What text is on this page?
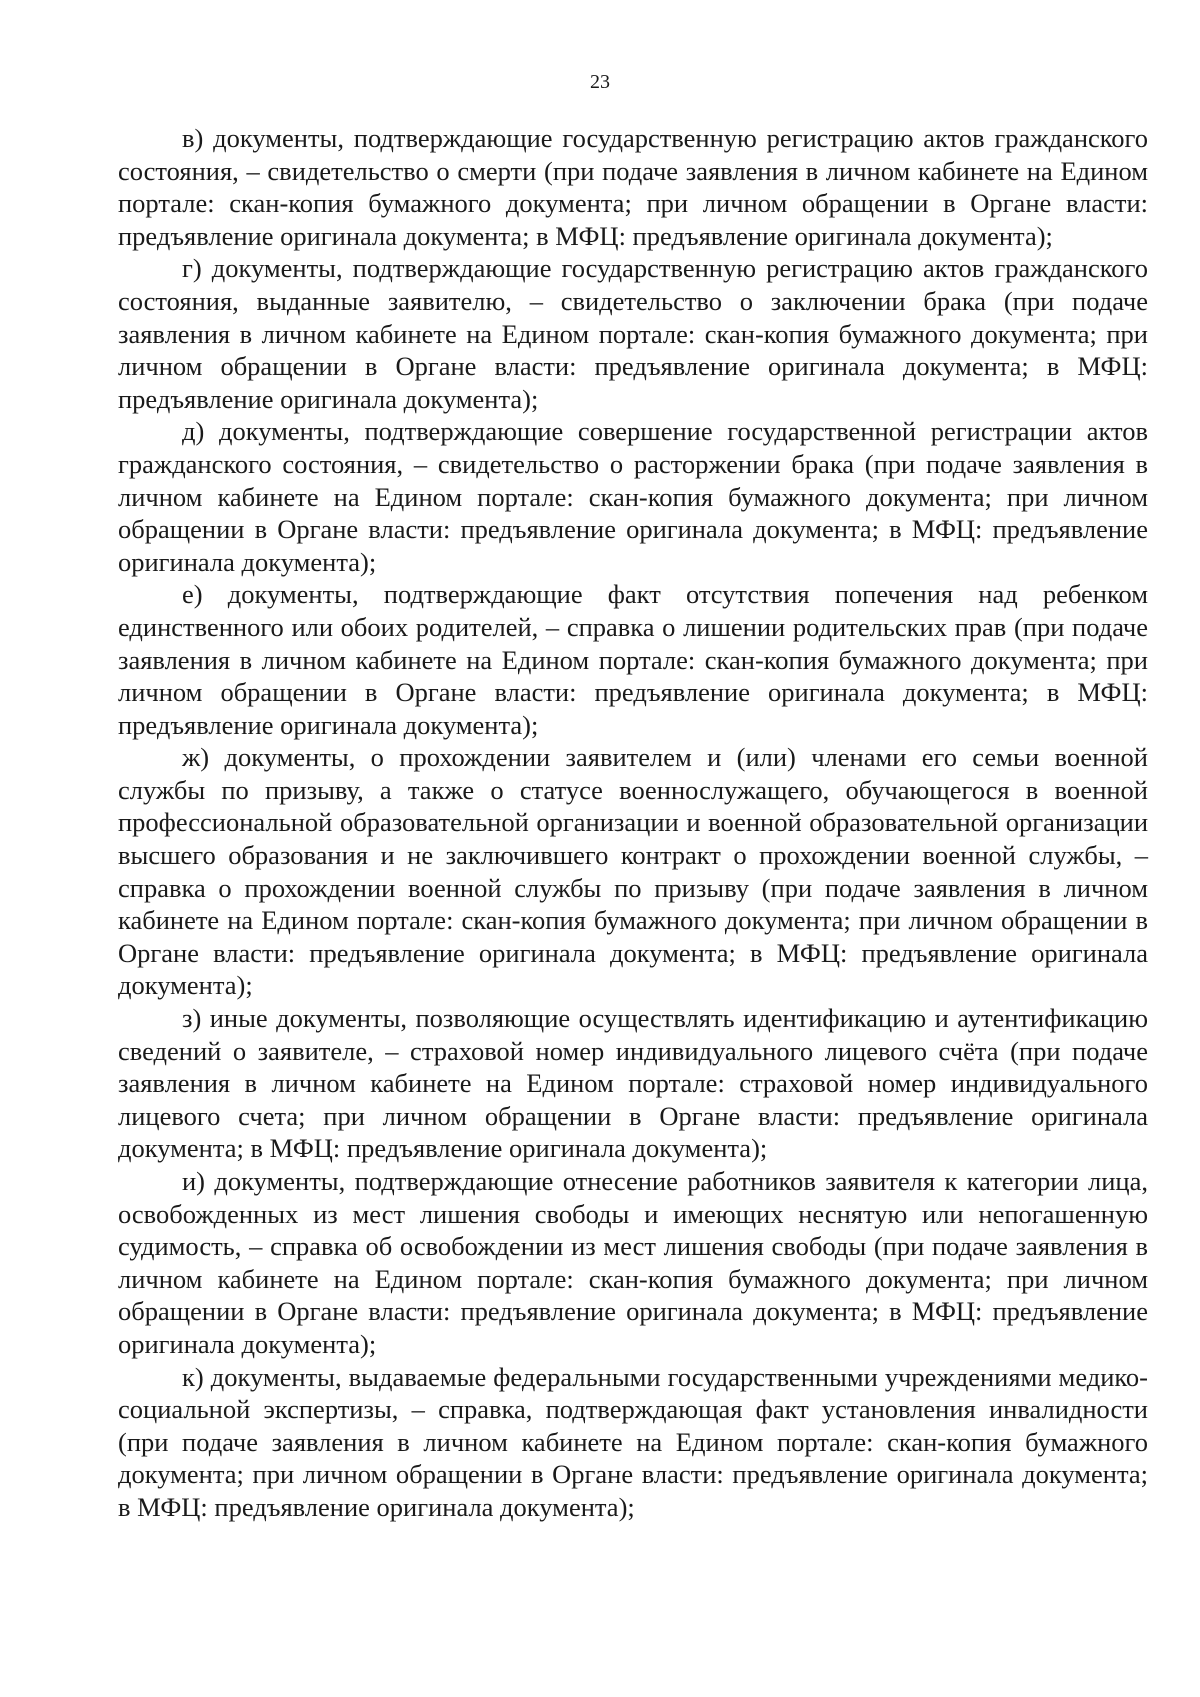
23

в) документы, подтверждающие государственную регистрацию актов гражданского состояния, – свидетельство о смерти (при подаче заявления в личном кабинете на Едином портале: скан-копия бумажного документа; при личном обращении в Органе власти: предъявление оригинала документа; в МФЦ: предъявление оригинала документа);

г) документы, подтверждающие государственную регистрацию актов гражданского состояния, выданные заявителю, – свидетельство о заключении брака (при подаче заявления в личном кабинете на Едином портале: скан-копия бумажного документа; при личном обращении в Органе власти: предъявление оригинала документа; в МФЦ: предъявление оригинала документа);

д) документы, подтверждающие совершение государственной регистрации актов гражданского состояния, – свидетельство о расторжении брака (при подаче заявления в личном кабинете на Едином портале: скан-копия бумажного документа; при личном обращении в Органе власти: предъявление оригинала документа; в МФЦ: предъявление оригинала документа);

е) документы, подтверждающие факт отсутствия попечения над ребенком единственного или обоих родителей, – справка о лишении родительских прав (при подаче заявления в личном кабинете на Едином портале: скан-копия бумажного документа; при личном обращении в Органе власти: предъявление оригинала документа; в МФЦ: предъявление оригинала документа);

ж) документы, о прохождении заявителем и (или) членами его семьи военной службы по призыву, а также о статусе военнослужащего, обучающегося в военной профессиональной образовательной организации и военной образовательной организации высшего образования и не заключившего контракт о прохождении военной службы, – справка о прохождении военной службы по призыву (при подаче заявления в личном кабинете на Едином портале: скан-копия бумажного документа; при личном обращении в Органе власти: предъявление оригинала документа; в МФЦ: предъявление оригинала документа);

з) иные документы, позволяющие осуществлять идентификацию и аутентификацию сведений о заявителе, – страховой номер индивидуального лицевого счёта (при подаче заявления в личном кабинете на Едином портале: страховой номер индивидуального лицевого счета; при личном обращении в Органе власти: предъявление оригинала документа; в МФЦ: предъявление оригинала документа);

и) документы, подтверждающие отнесение работников заявителя к категории лица, освобожденных из мест лишения свободы и имеющих неснятую или непогашенную судимость, – справка об освобождении из мест лишения свободы (при подаче заявления в личном кабинете на Едином портале: скан-копия бумажного документа; при личном обращении в Органе власти: предъявление оригинала документа; в МФЦ: предъявление оригинала документа);

к) документы, выдаваемые федеральными государственными учреждениями медико-социальной экспертизы, – справка, подтверждающая факт установления инвалидности (при подаче заявления в личном кабинете на Едином портале: скан-копия бумажного документа; при личном обращении в Органе власти: предъявление оригинала документа; в МФЦ: предъявление оригинала документа);
